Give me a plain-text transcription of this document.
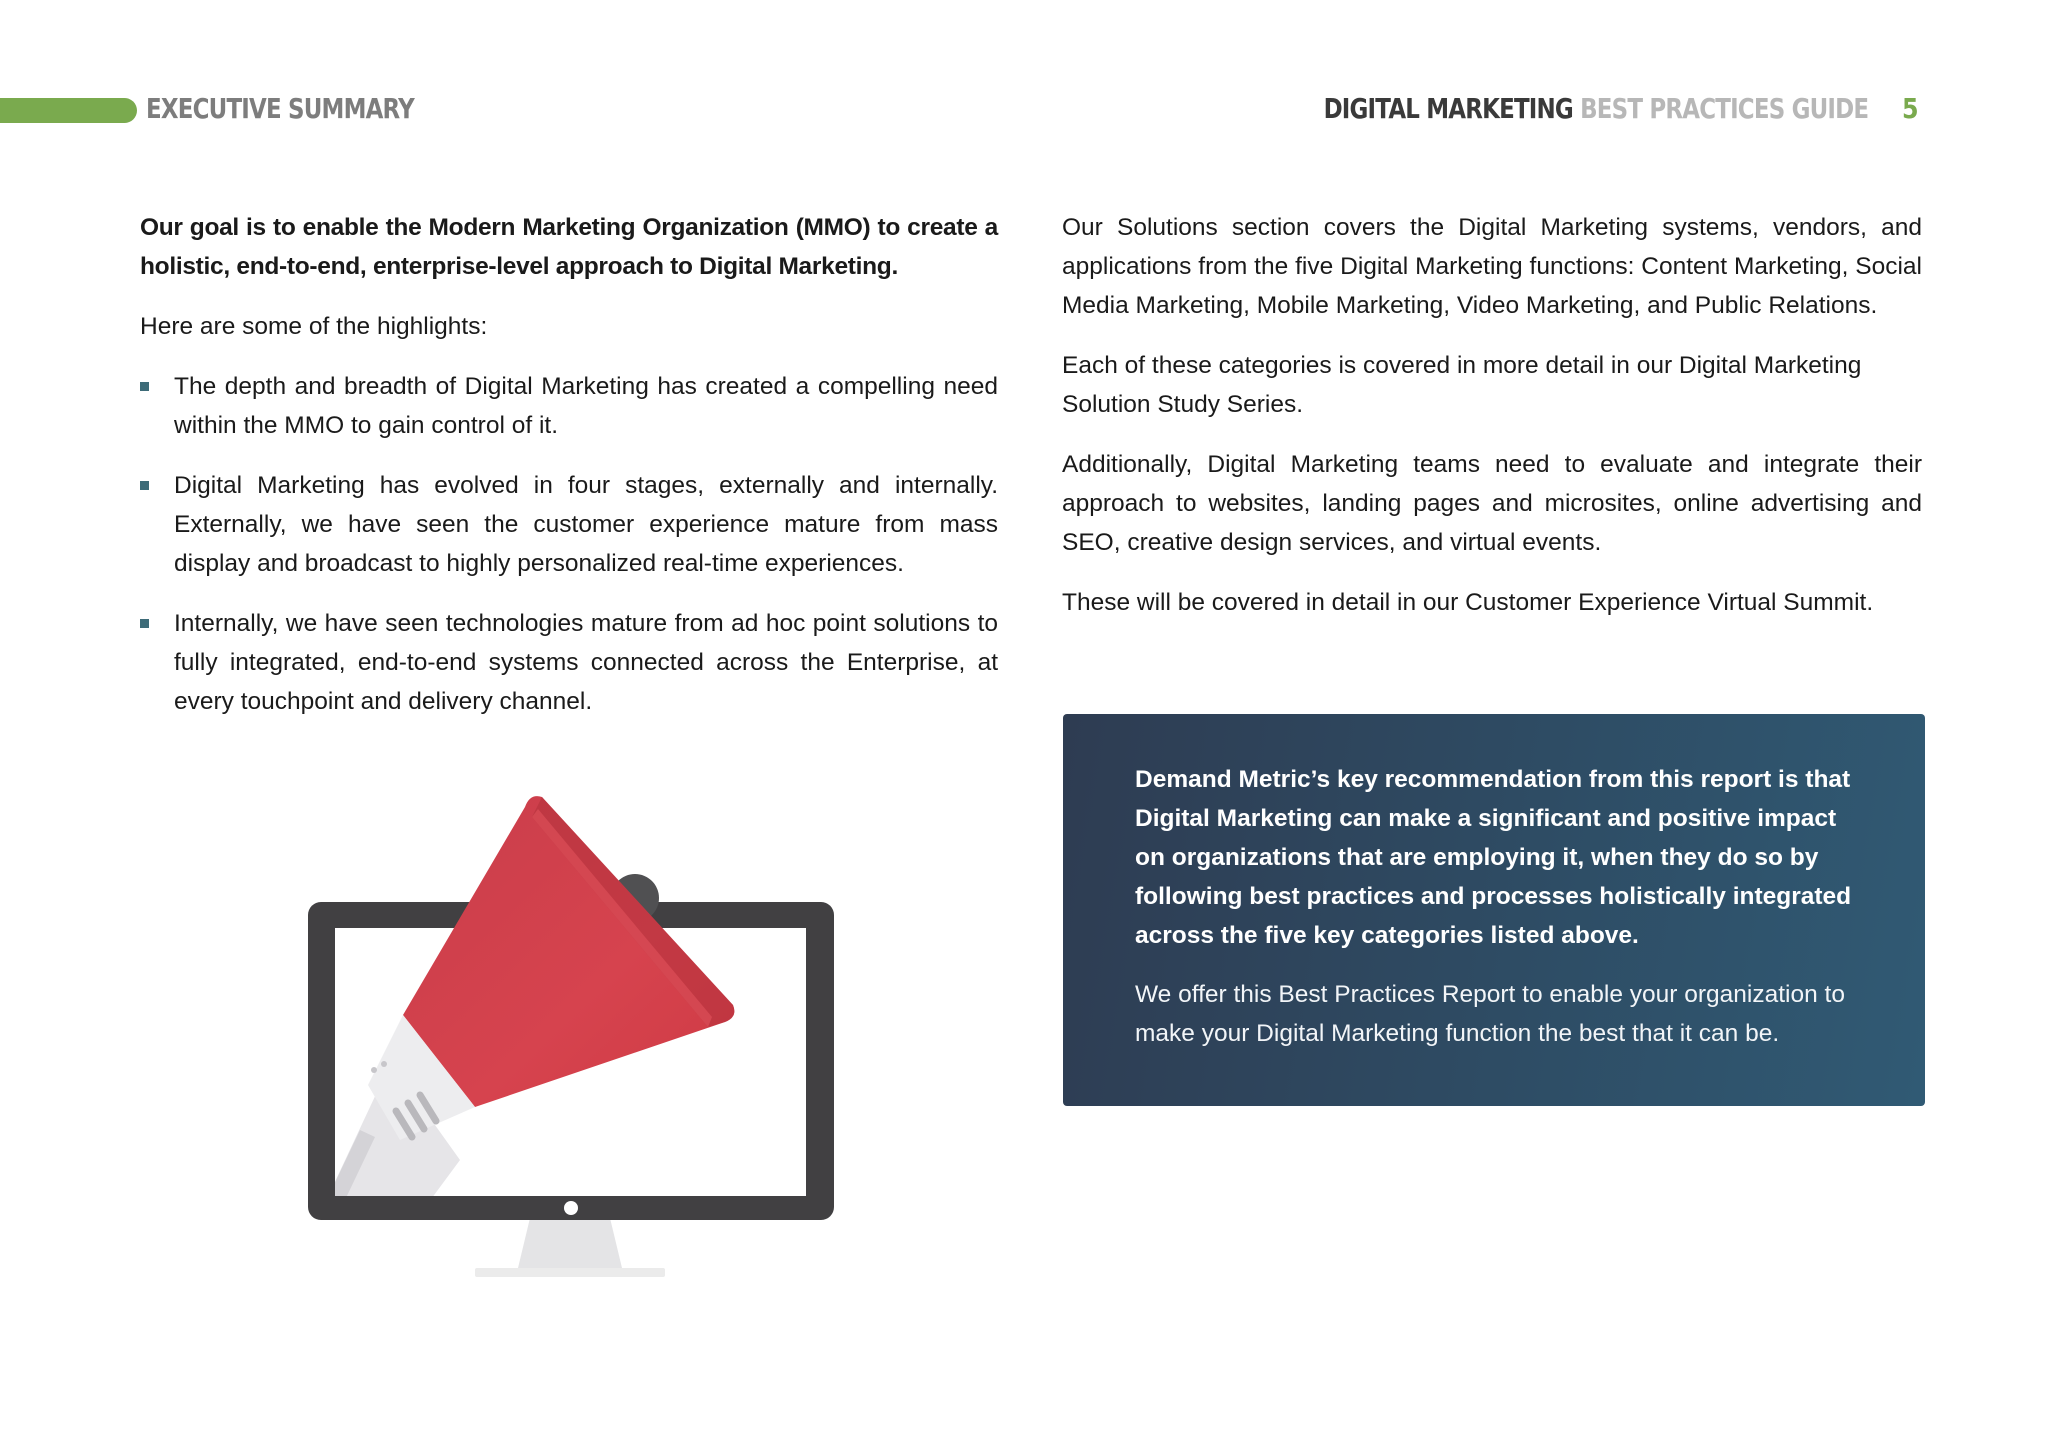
EXECUTIVE SUMMARY	DIGITAL MARKETING BEST PRACTICES GUIDE 5

Our goal is to enable the Modern Marketing Organization (MMO) to create a holistic, end-to-end, enterprise-level approach to Digital Marketing.

Here are some of the highlights:

The depth and breadth of Digital Marketing has created a compelling need within the MMO to gain control of it.
Digital Marketing has evolved in four stages, externally and internally. Externally, we have seen the customer experience mature from mass display and broadcast to highly personalized real-time experiences.
Internally, we have seen technologies mature from ad hoc point solutions to fully integrated, end-to-end systems connected across the Enterprise, at every touchpoint and delivery channel.

Our Solutions section covers the Digital Marketing systems, vendors, and applications from the five Digital Marketing functions: Content Marketing, Social Media Marketing, Mobile Marketing, Video Marketing, and Public Relations.

Each of these categories is covered in more detail in our Digital Marketing Solution Study Series.

Additionally, Digital Marketing teams need to evaluate and integrate their approach to websites, landing pages and microsites, online advertising and SEO, creative design services, and virtual events.

These will be covered in detail in our Customer Experience Virtual Summit.

Demand Metric’s key recommendation from this report is that Digital Marketing can make a significant and positive impact on organizations that are employing it, when they do so by following best practices and processes holistically integrated across the five key categories listed above.

We offer this Best Practices Report to enable your organization to make your Digital Marketing function the best that it can be.
